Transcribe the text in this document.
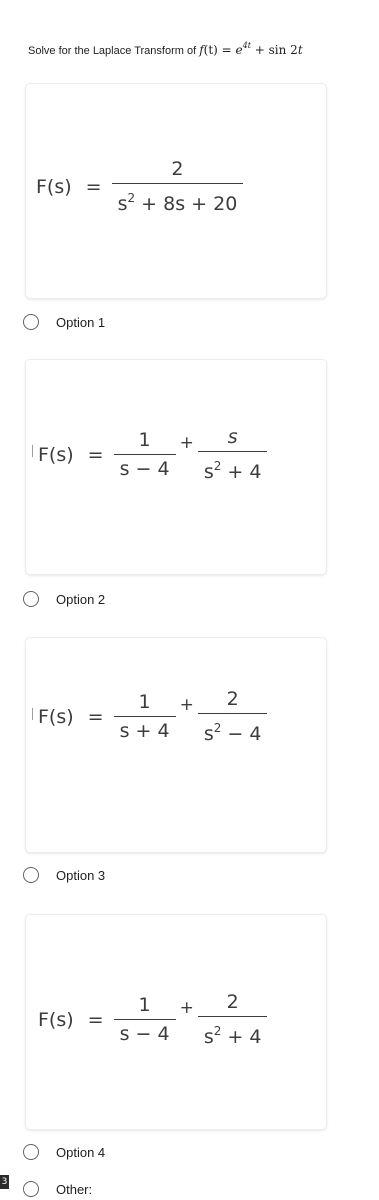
Solve for the Laplace Transform of $f(t) = e^{4t} + \sin 2t$
$F(s) = \frac{2}{s^2 + 8s + 20}$
Option 1
$F(s) = \frac{1}{s - 4} + \frac{s}{s^2 + 4}$
Option 2
$F(s) = \frac{1}{s + 4} + \frac{2}{s^2 - 4}$
Option 3
$F(s) = \frac{1}{s - 4} + \frac{2}{s^2 + 4}$
Option 4
Other:
3
